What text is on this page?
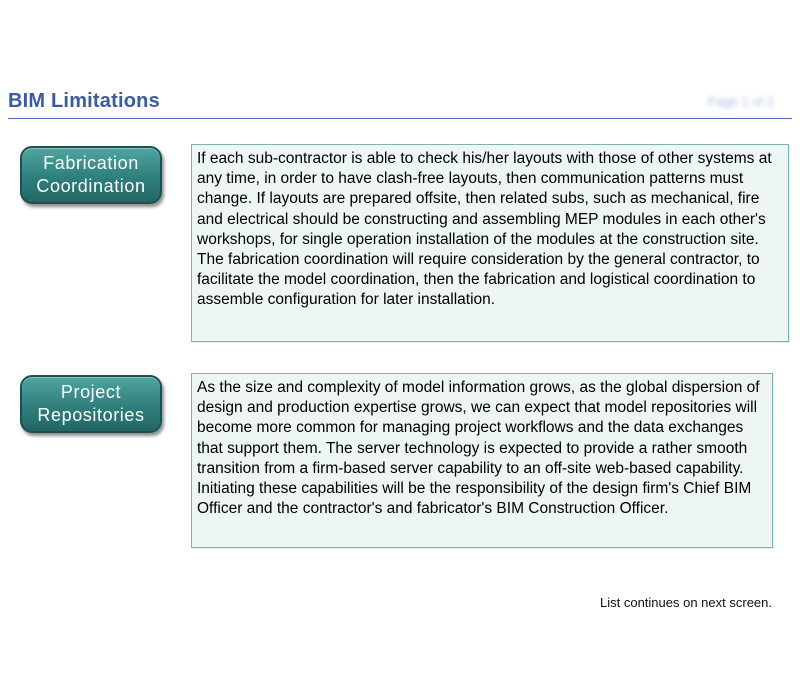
BIM Limitations	Page 1 of 2
Fabrication
Coordination
If each sub-contractor is able to check his/her layouts with those of other systems at any time, in order to have clash-free layouts, then communication patterns must change. If layouts are prepared offsite, then related subs, such as mechanical, fire and electrical should be constructing and assembling MEP modules in each other's workshops, for single operation installation of the modules at the construction site. The fabrication coordination will require consideration by the general contractor, to facilitate the model coordination, then the fabrication and logistical coordination to assemble configuration for later installation.
Project
Repositories
As the size and complexity of model information grows, as the global dispersion of design and production expertise grows, we can expect that model repositories will become more common for managing project workflows and the data exchanges that support them. The server technology is expected to provide a rather smooth transition from a firm-based server capability to an off-site web-based capability. Initiating these capabilities will be the responsibility of the design firm's Chief BIM Officer and the contractor's and fabricator's BIM Construction Officer.
List continues on next screen.
